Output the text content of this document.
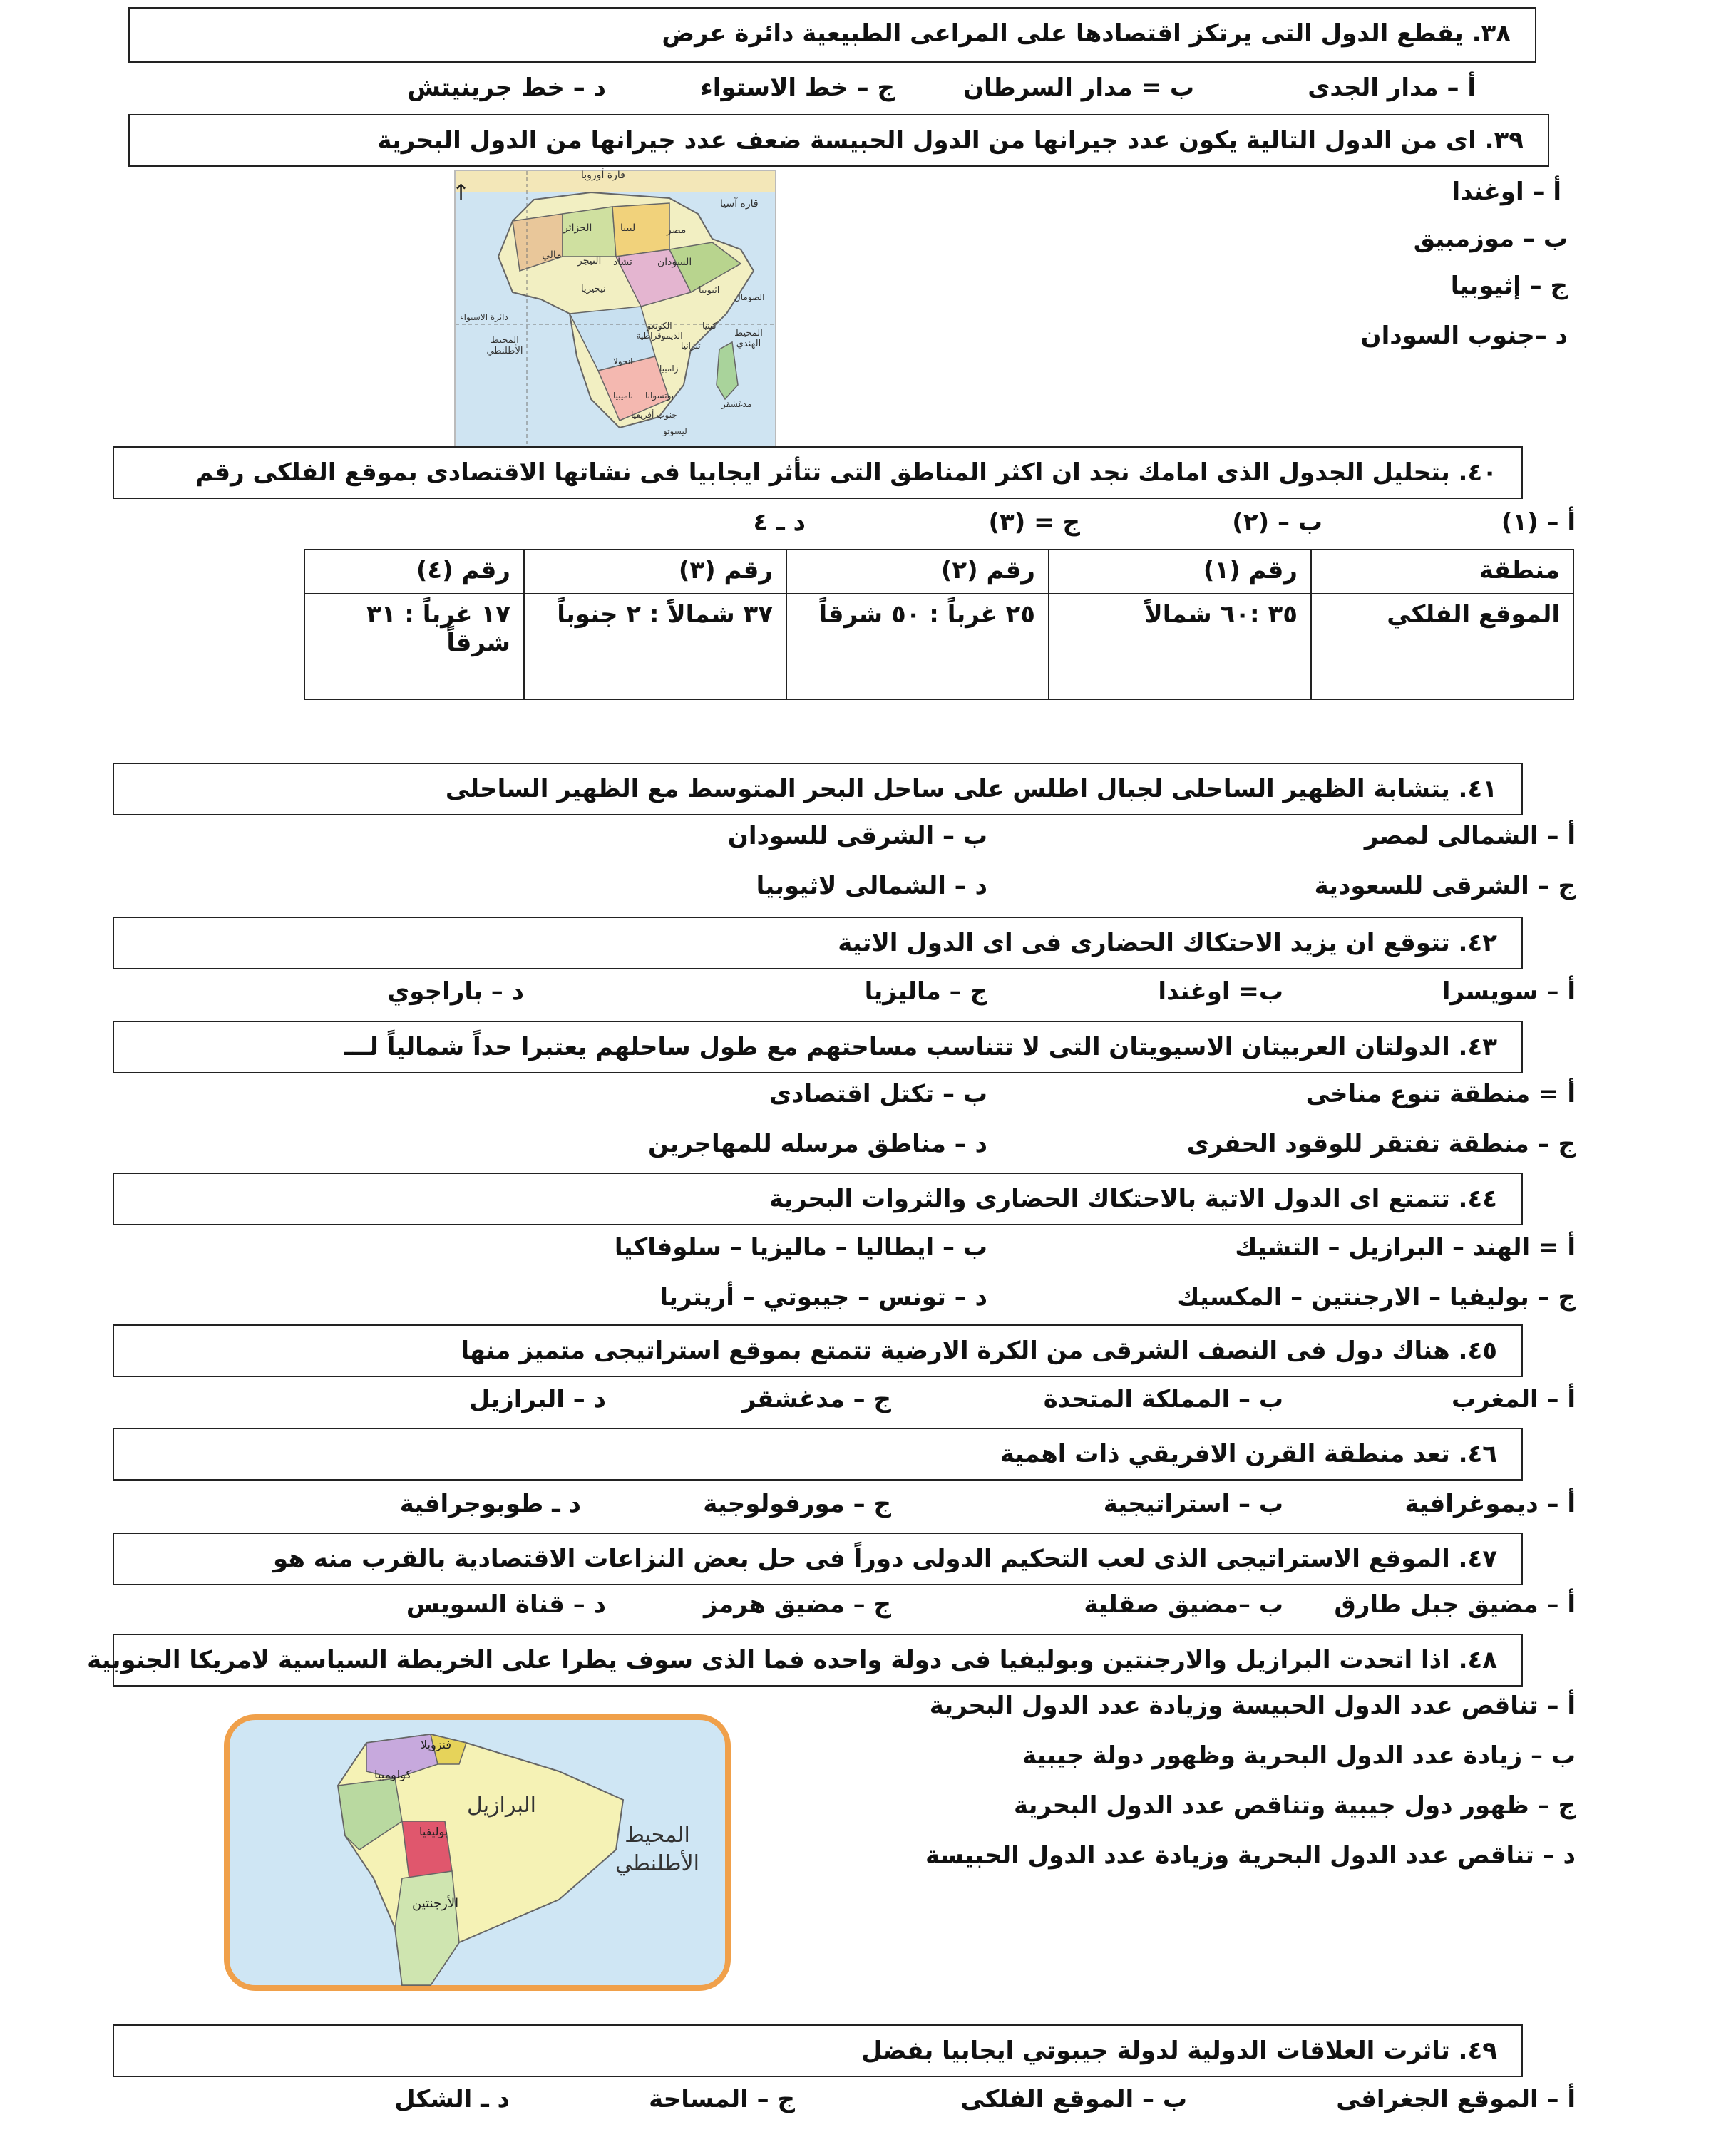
٣٨. يقطع الدول التى يرتكز اقتصادها على المراعى الطبيعية دائرة عرض
أ – مدار الجدى
ب = مدار السرطان
ج – خط الاستواء
د – خط جرينيتش
٣٩. اى من الدول التالية يكون عدد جيرانها من الدول الحبيسة ضعف عدد جيرانها من الدول البحرية
أ – اوغندا
ب – موزمبيق
ج – إثيوبيا
د –جنوب السودان
↑
قارة أوروبا
قارة آسيا
الجزائر	ليبيا	مصر
السودان
تشاد
مالي النيجر
نيجيريا	اثيوبيا
الكونغو الديموقراطية
المحيط الأطلنطي
المحيط الهندي
دائرة الاستواء
انجولا
زامبيا
بوتسوانا
جنوب أفريقيا
ليسوتو
مدغشقر
ناميبيا
الصومال
كينيا
تنزانيا
٤٠. بتحليل الجدول الذى امامك نجد ان اكثر المناطق التى تتأثر ايجابيا فى نشاتها الاقتصادى بموقع الفلكى رقم
أ – (١)
ب – (٢)
ج = (٣)
د ـ ٤
منطقة	رقم (١)	رقم (٢)	رقم (٣)	رقم (٤)
الموقع الفلكي	٣٥ :٦٠ شمالاً	٢٥ غرباً : ٥٠ شرقاً	٣٧ شمالاً : ٢ جنوباً	١٧ غرباً : ٣١ شرقاً
٤١. يتشابة الظهير الساحلى لجبال اطلس على ساحل البحر المتوسط مع الظهير الساحلى
أ – الشمالى لمصر
ب – الشرقى للسودان
ج – الشرقى للسعودية
د – الشمالى لاثيوبيا
٤٢. تتوقع ان يزيد الاحتكاك الحضارى فى اى الدول الاتية
أ – سويسرا
ب= اوغندا
ج – ماليزيا
د – باراجوي
٤٣. الدولتان العربيتان الاسيويتان التى لا تتناسب مساحتهم مع طول ساحلهم يعتبرا حداً شمالياً لـــ
أ = منطقة تنوع مناخى
ب – تكتل اقتصادى
ج – منطقة تفتقر للوقود الحفرى
د – مناطق مرسله للمهاجرين
٤٤. تتمتع اى الدول الاتية بالاحتكاك الحضارى والثروات البحرية
أ = الهند – البرازيل – التشيك
ب – ايطاليا – ماليزيا – سلوفاكيا
ج – بوليفيا – الارجنتين – المكسيك
د – تونس – جيبوتي – أريتريا
٤٥. هناك دول فى النصف الشرقى من الكرة الارضية تتمتع بموقع استراتيجى متميز منها
أ – المغرب
ب – المملكة المتحدة
ج – مدغشقر
د – البرازيل
٤٦. تعد منطقة القرن الافريقي ذات اهمية
أ – ديموغرافية
ب – استراتيجية
ج – مورفولوجية
د ـ طوبوجرافية
٤٧. الموقع الاستراتيجى الذى لعب التحكيم الدولى دوراً فى حل بعض النزاعات الاقتصادية بالقرب منه هو
أ – مضيق جبل طارق
ب –مضيق صقلية
ج – مضيق هرمز
د – قناة السويس
٤٨. اذا اتحدت البرازيل والارجنتين وبوليفيا فى دولة واحده فما الذى سوف يطرا على الخريطة السياسية لامريكا الجنوبية
أ – تناقص عدد الدول الحبيسة وزيادة عدد الدول البحرية
ب – زيادة عدد الدول البحرية وظهور دولة جيبية
ج – ظهور دول جيبية وتناقص عدد الدول البحرية
د – تناقص عدد الدول البحرية وزيادة عدد الدول الحبيسة
فنزويلا
كولومبيا
البرازيل
بوليفيا	المحيط الأطلنطي
الأرجنتين
٤٩. تاثرت العلاقات الدولية لدولة جيبوتي ايجابيا بفضل
أ – الموقع الجغرافى
ب – الموقع الفلكى
ج – المساحة
د ـ الشكل
